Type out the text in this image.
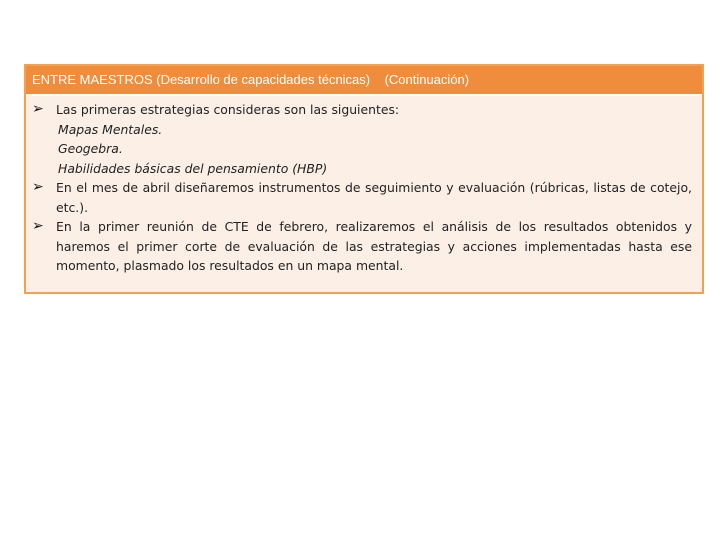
ENTRE MAESTROS (Desarrollo de capacidades técnicas)    (Continuación)
➢ Las primeras estrategias consideras son las siguientes:
Mapas Mentales.
Geogebra.
Habilidades básicas del pensamiento (HBP)
➢ En el mes de abril diseñaremos instrumentos de seguimiento y evaluación (rúbricas, listas de cotejo, etc.).
➢ En la primer reunión de CTE de febrero, realizaremos el análisis de los resultados obtenidos y haremos el primer corte de evaluación de las estrategias y acciones implementadas hasta ese momento, plasmado los resultados en un mapa mental.
